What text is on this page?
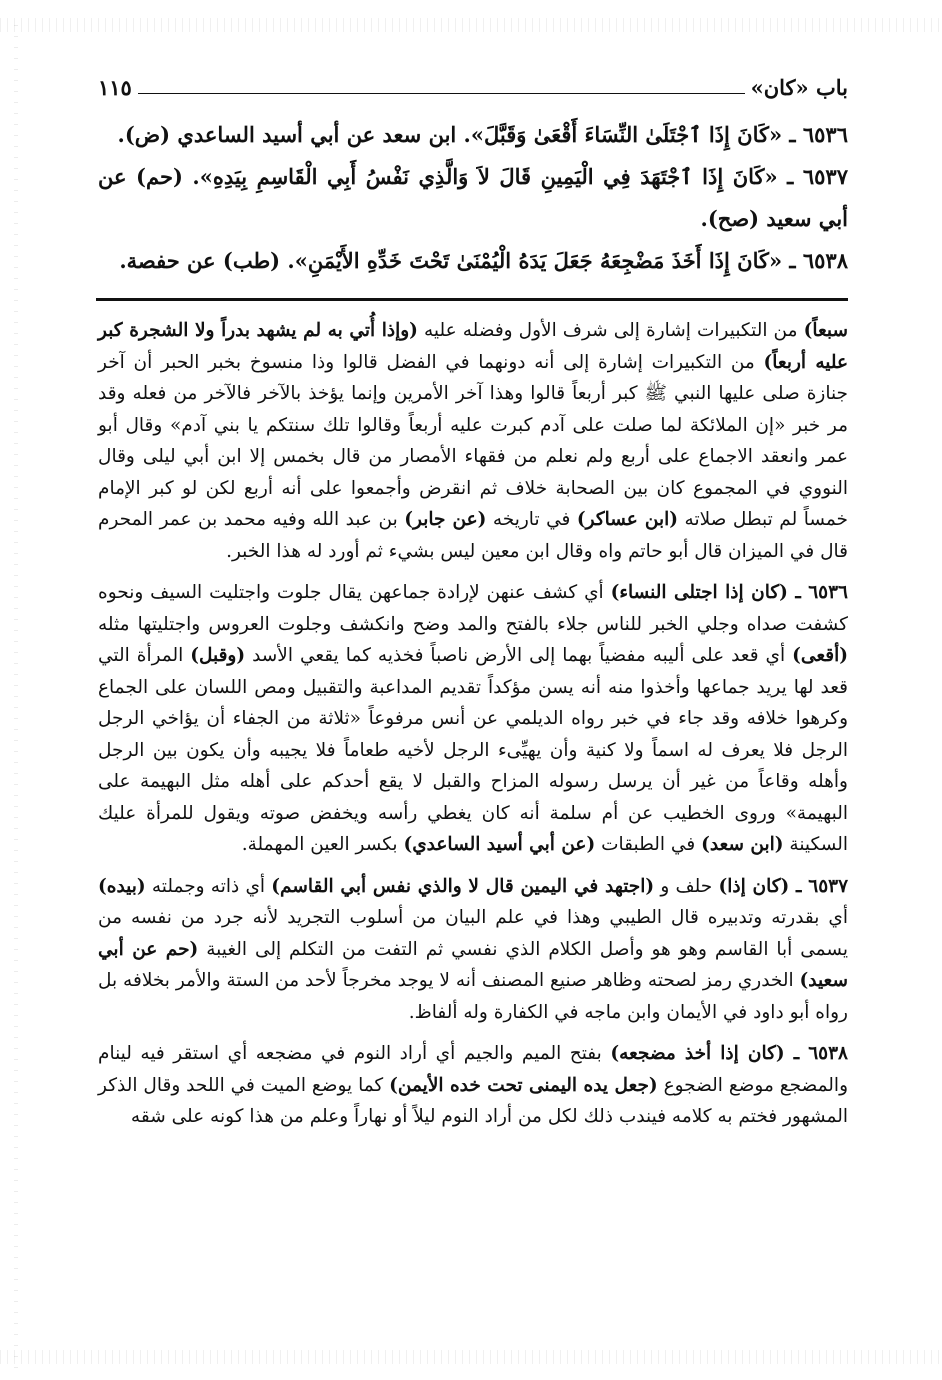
باب «كان»
١١٥

٦٥٣٦ ـ «كَانَ إِذَا ٱجْتَلَىٰ النِّسَاءَ أَقْعَىٰ وَقَبَّلَ». ابن سعد عن أبي أسيد الساعدي (ض).

٦٥٣٧ ـ «كَانَ إِذَا ٱجْتَهَدَ فِي الْيَمِينِ قَالَ لاَ وَالَّذِي نَفْسُ أَبِي الْقَاسِمِ بِيَدِهِ». (حم) عن أبي سعيد (صح).

٦٥٣٨ ـ «كَانَ إِذَا أَخَذَ مَضْجِعَهُ جَعَلَ يَدَهُ الْيُمْنَىٰ تَحْتَ خَدِّهِ الأَيْمَنِ». (طب) عن حفصة.

سبعاً) من التكبيرات إشارة إلى شرف الأول وفضله عليه (وإذا أُتي به لم يشهد بدراً ولا الشجرة كبر عليه أربعاً) من التكبيرات إشارة إلى أنه دونهما في الفضل قالوا وذا منسوخ بخبر الحبر أن آخر جنازة صلى عليها النبي ﷺ كبر أربعاً قالوا وهذا آخر الأمرين وإنما يؤخذ بالآخر فالآخر من فعله وقد مر خبر «إن الملائكة لما صلت على آدم كبرت عليه أربعاً وقالوا تلك سنتكم يا بني آدم» وقال أبو عمر وانعقد الاجماع على أربع ولم نعلم من فقهاء الأمصار من قال بخمس إلا ابن أبي ليلى وقال النووي في المجموع كان بين الصحابة خلاف ثم انقرض وأجمعوا على أنه أربع لكن لو كبر الإمام خمساً لم تبطل صلاته (ابن عساكر) في تاريخه (عن جابر) بن عبد الله وفيه محمد بن عمر المحرم قال في الميزان قال أبو حاتم واه وقال ابن معين ليس بشيء ثم أورد له هذا الخبر.

٦٥٣٦ ـ (كان إذا اجتلى النساء) أي كشف عنهن لإرادة جماعهن يقال جلوت واجتليت السيف ونحوه كشفت صداه وجلي الخبر للناس جلاء بالفتح والمد وضح وانكشف وجلوت العروس واجتليتها مثله (أقعى) أي قعد على أليبه مفضياً بهما إلى الأرض ناصباً فخذيه كما يقعي الأسد (وقبل) المرأة التي قعد لها يريد جماعها وأخذوا منه أنه يسن مؤكداً تقديم المداعبة والتقبيل ومص اللسان على الجماع وكرهوا خلافه وقد جاء في خبر رواه الديلمي عن أنس مرفوعاً «ثلاثة من الجفاء أن يؤاخي الرجل الرجل فلا يعرف له اسماً ولا كنية وأن يهيِّىء الرجل لأخيه طعاماً فلا يجيبه وأن يكون بين الرجل وأهله وقاعاً من غير أن يرسل رسوله المزاح والقبل لا يقع أحدكم على أهله مثل البهيمة على البهيمة» وروى الخطيب عن أم سلمة أنه كان يغطي رأسه ويخفض صوته ويقول للمرأة عليك السكينة (ابن سعد) في الطبقات (عن أبي أسيد الساعدي) بكسر العين المهملة.

٦٥٣٧ ـ (كان إذا) حلف و (اجتهد في اليمين قال لا والذي نفس أبي القاسم) أي ذاته وجملته (بيده) أي بقدرته وتدبيره قال الطيبي وهذا في علم البيان من أسلوب التجريد لأنه جرد من نفسه من يسمى أبا القاسم وهو هو وأصل الكلام الذي نفسي ثم التفت من التكلم إلى الغيبة (حم عن أبي سعيد) الخدري رمز لصحته وظاهر صنيع المصنف أنه لا يوجد مخرجاً لأحد من الستة والأمر بخلافه بل رواه أبو داود في الأيمان وابن ماجه في الكفارة وله ألفاظ.

٦٥٣٨ ـ (كان إذا أخذ مضجعه) بفتح الميم والجيم أي أراد النوم في مضجعه أي استقر فيه لينام والمضجع موضع الضجوع (جعل يده اليمنى تحت خده الأيمن) كما يوضع الميت في اللحد وقال الذكر المشهور فختم به كلامه فيندب ذلك لكل من أراد النوم ليلاً أو نهاراً وعلم من هذا كونه على شقه
